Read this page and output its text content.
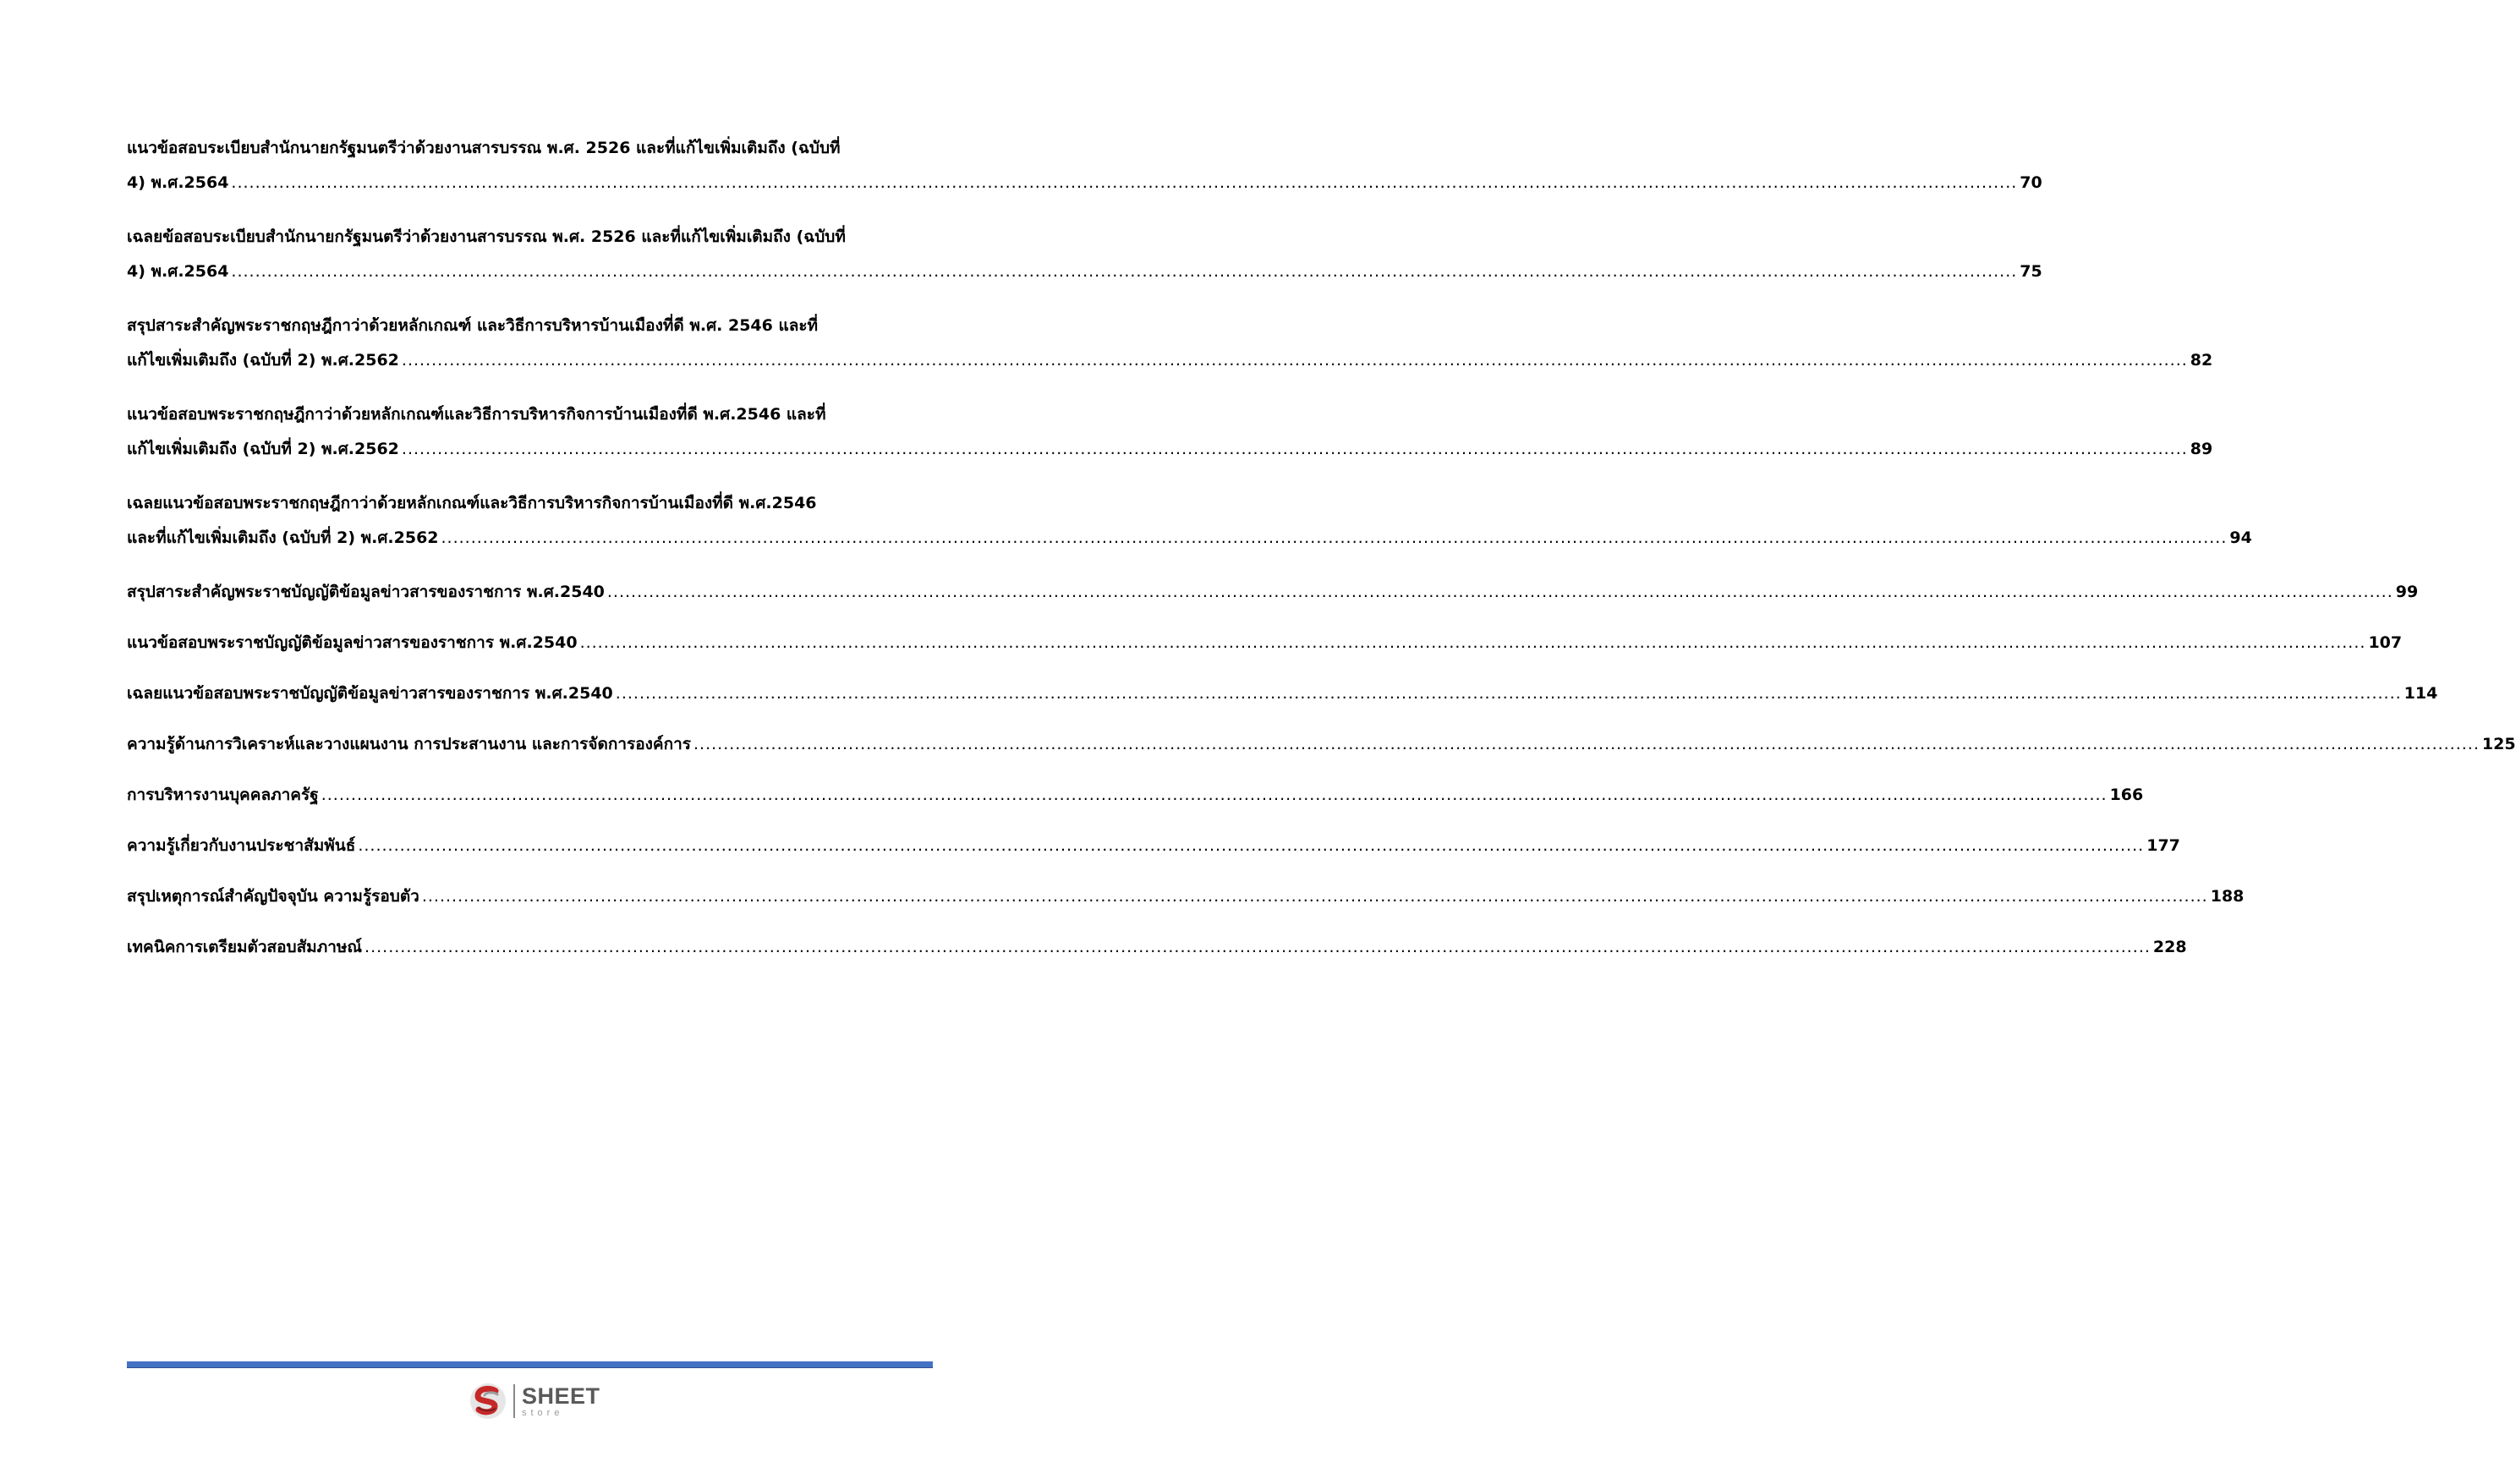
แนวข้อสอบระเบียบสำนักนายกรัฐมนตรีว่าด้วยงานสารบรรณ พ.ศ. 2526 และที่แก้ไขเพิ่มเติมถึง (ฉบับที่
4) พ.ศ.2564 .....	70
เฉลยข้อสอบระเบียบสำนักนายกรัฐมนตรีว่าด้วยงานสารบรรณ พ.ศ. 2526 และที่แก้ไขเพิ่มเติมถึง (ฉบับที่
4) พ.ศ.2564 .....	75
สรุปสาระสำคัญพระราชกฤษฎีกาว่าด้วยหลักเกณฑ์ และวิธีการบริหารบ้านเมืองที่ดี พ.ศ. 2546 และที่
แก้ไขเพิ่มเติมถึง (ฉบับที่ 2) พ.ศ.2562 .....	82
แนวข้อสอบพระราชกฤษฎีกาว่าด้วยหลักเกณฑ์และวิธีการบริหารกิจการบ้านเมืองที่ดี พ.ศ.2546 และที่
แก้ไขเพิ่มเติมถึง (ฉบับที่ 2) พ.ศ.2562 .....	89
เฉลยแนวข้อสอบพระราชกฤษฎีกาว่าด้วยหลักเกณฑ์และวิธีการบริหารกิจการบ้านเมืองที่ดี พ.ศ.2546
และที่แก้ไขเพิ่มเติมถึง (ฉบับที่ 2) พ.ศ.2562 .....	94
สรุปสาระสำคัญพระราชบัญญัติข้อมูลข่าวสารของราชการ พ.ศ.2540 .....	99
แนวข้อสอบพระราชบัญญัติข้อมูลข่าวสารของราชการ พ.ศ.2540 .....	107
เฉลยแนวข้อสอบพระราชบัญญัติข้อมูลข่าวสารของราชการ พ.ศ.2540 .....	114
ความรู้ด้านการวิเคราะห์และวางแผนงาน การประสานงาน และการจัดการองค์การ .....	125
การบริหารงานบุคคลภาครัฐ .....	166
ความรู้เกี่ยวกับงานประชาสัมพันธ์ .....	177
สรุปเหตุการณ์สำคัญปัจจุบัน ความรู้รอบตัว .....	188
เทคนิคการเตรียมตัวสอบสัมภาษณ์ .....	228
SHEET
store
